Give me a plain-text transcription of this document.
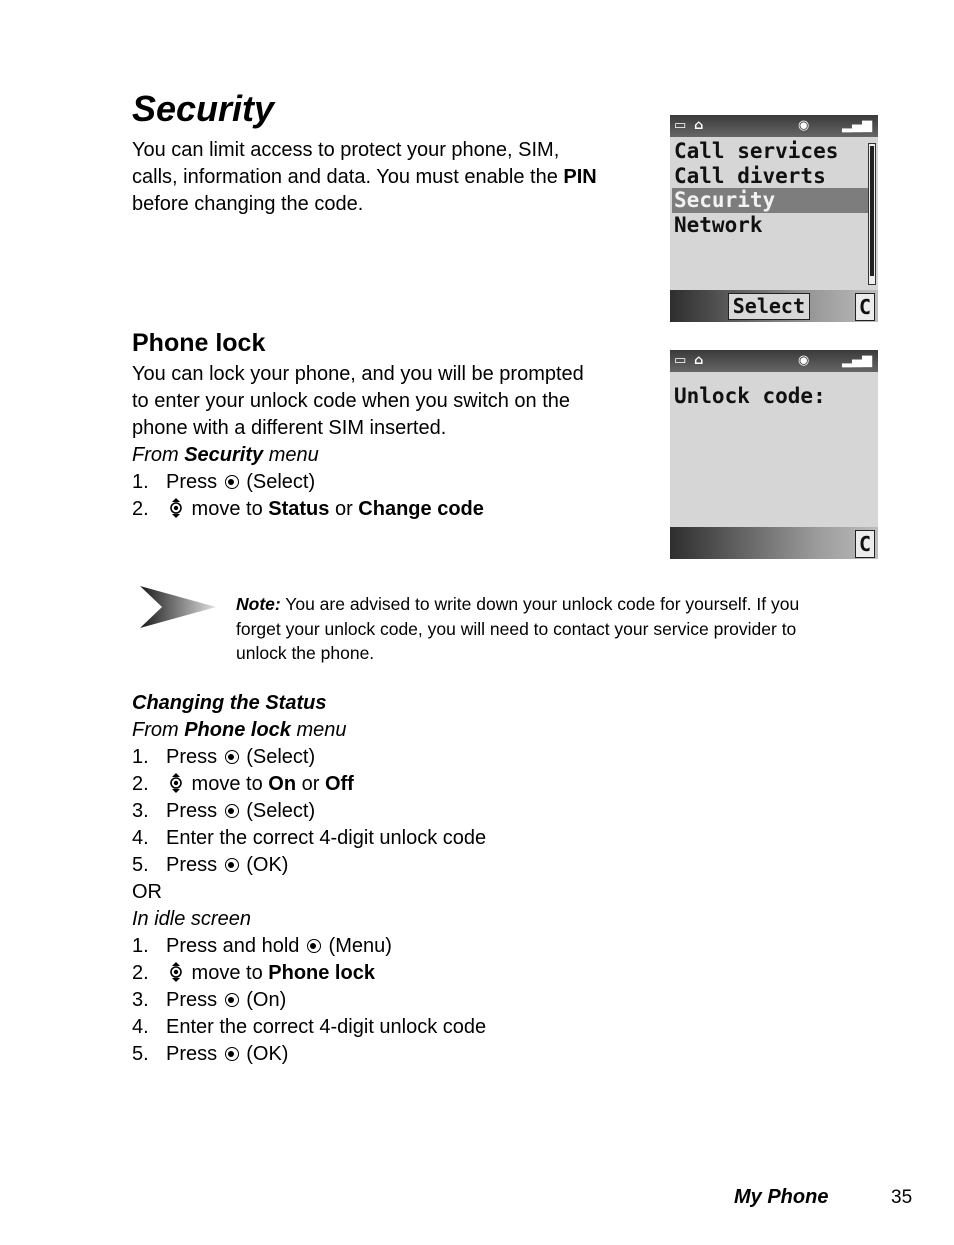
Security
You can limit access to protect your phone, SIM,
calls, information and data. You must enable the PIN
before changing the code.
▭ ⌂	◉	▂▄▆
Call services
Call diverts
Security
Network
Select	C
Phone lock
You can lock your phone, and you will be prompted
to enter your unlock code when you switch on the
phone with a different SIM inserted.
From Security menu
1. Press  (Select)
2. move to Status or Change code
▭ ⌂	◉	▂▄▆
Unlock code:
C
Note: You are advised to write down your unlock code for yourself. If you
forget your unlock code, you will need to contact your service provider to
unlock the phone.
Changing the Status
From Phone lock menu
1. Press  (Select)
2. move to On or Off
3. Press  (Select)
4. Enter the correct 4-digit unlock code
5. Press  (OK)
OR
In idle screen
1. Press and hold  (Menu)
2. move to Phone lock
3. Press  (On)
4. Enter the correct 4-digit unlock code
5. Press  (OK)
My Phone	35
